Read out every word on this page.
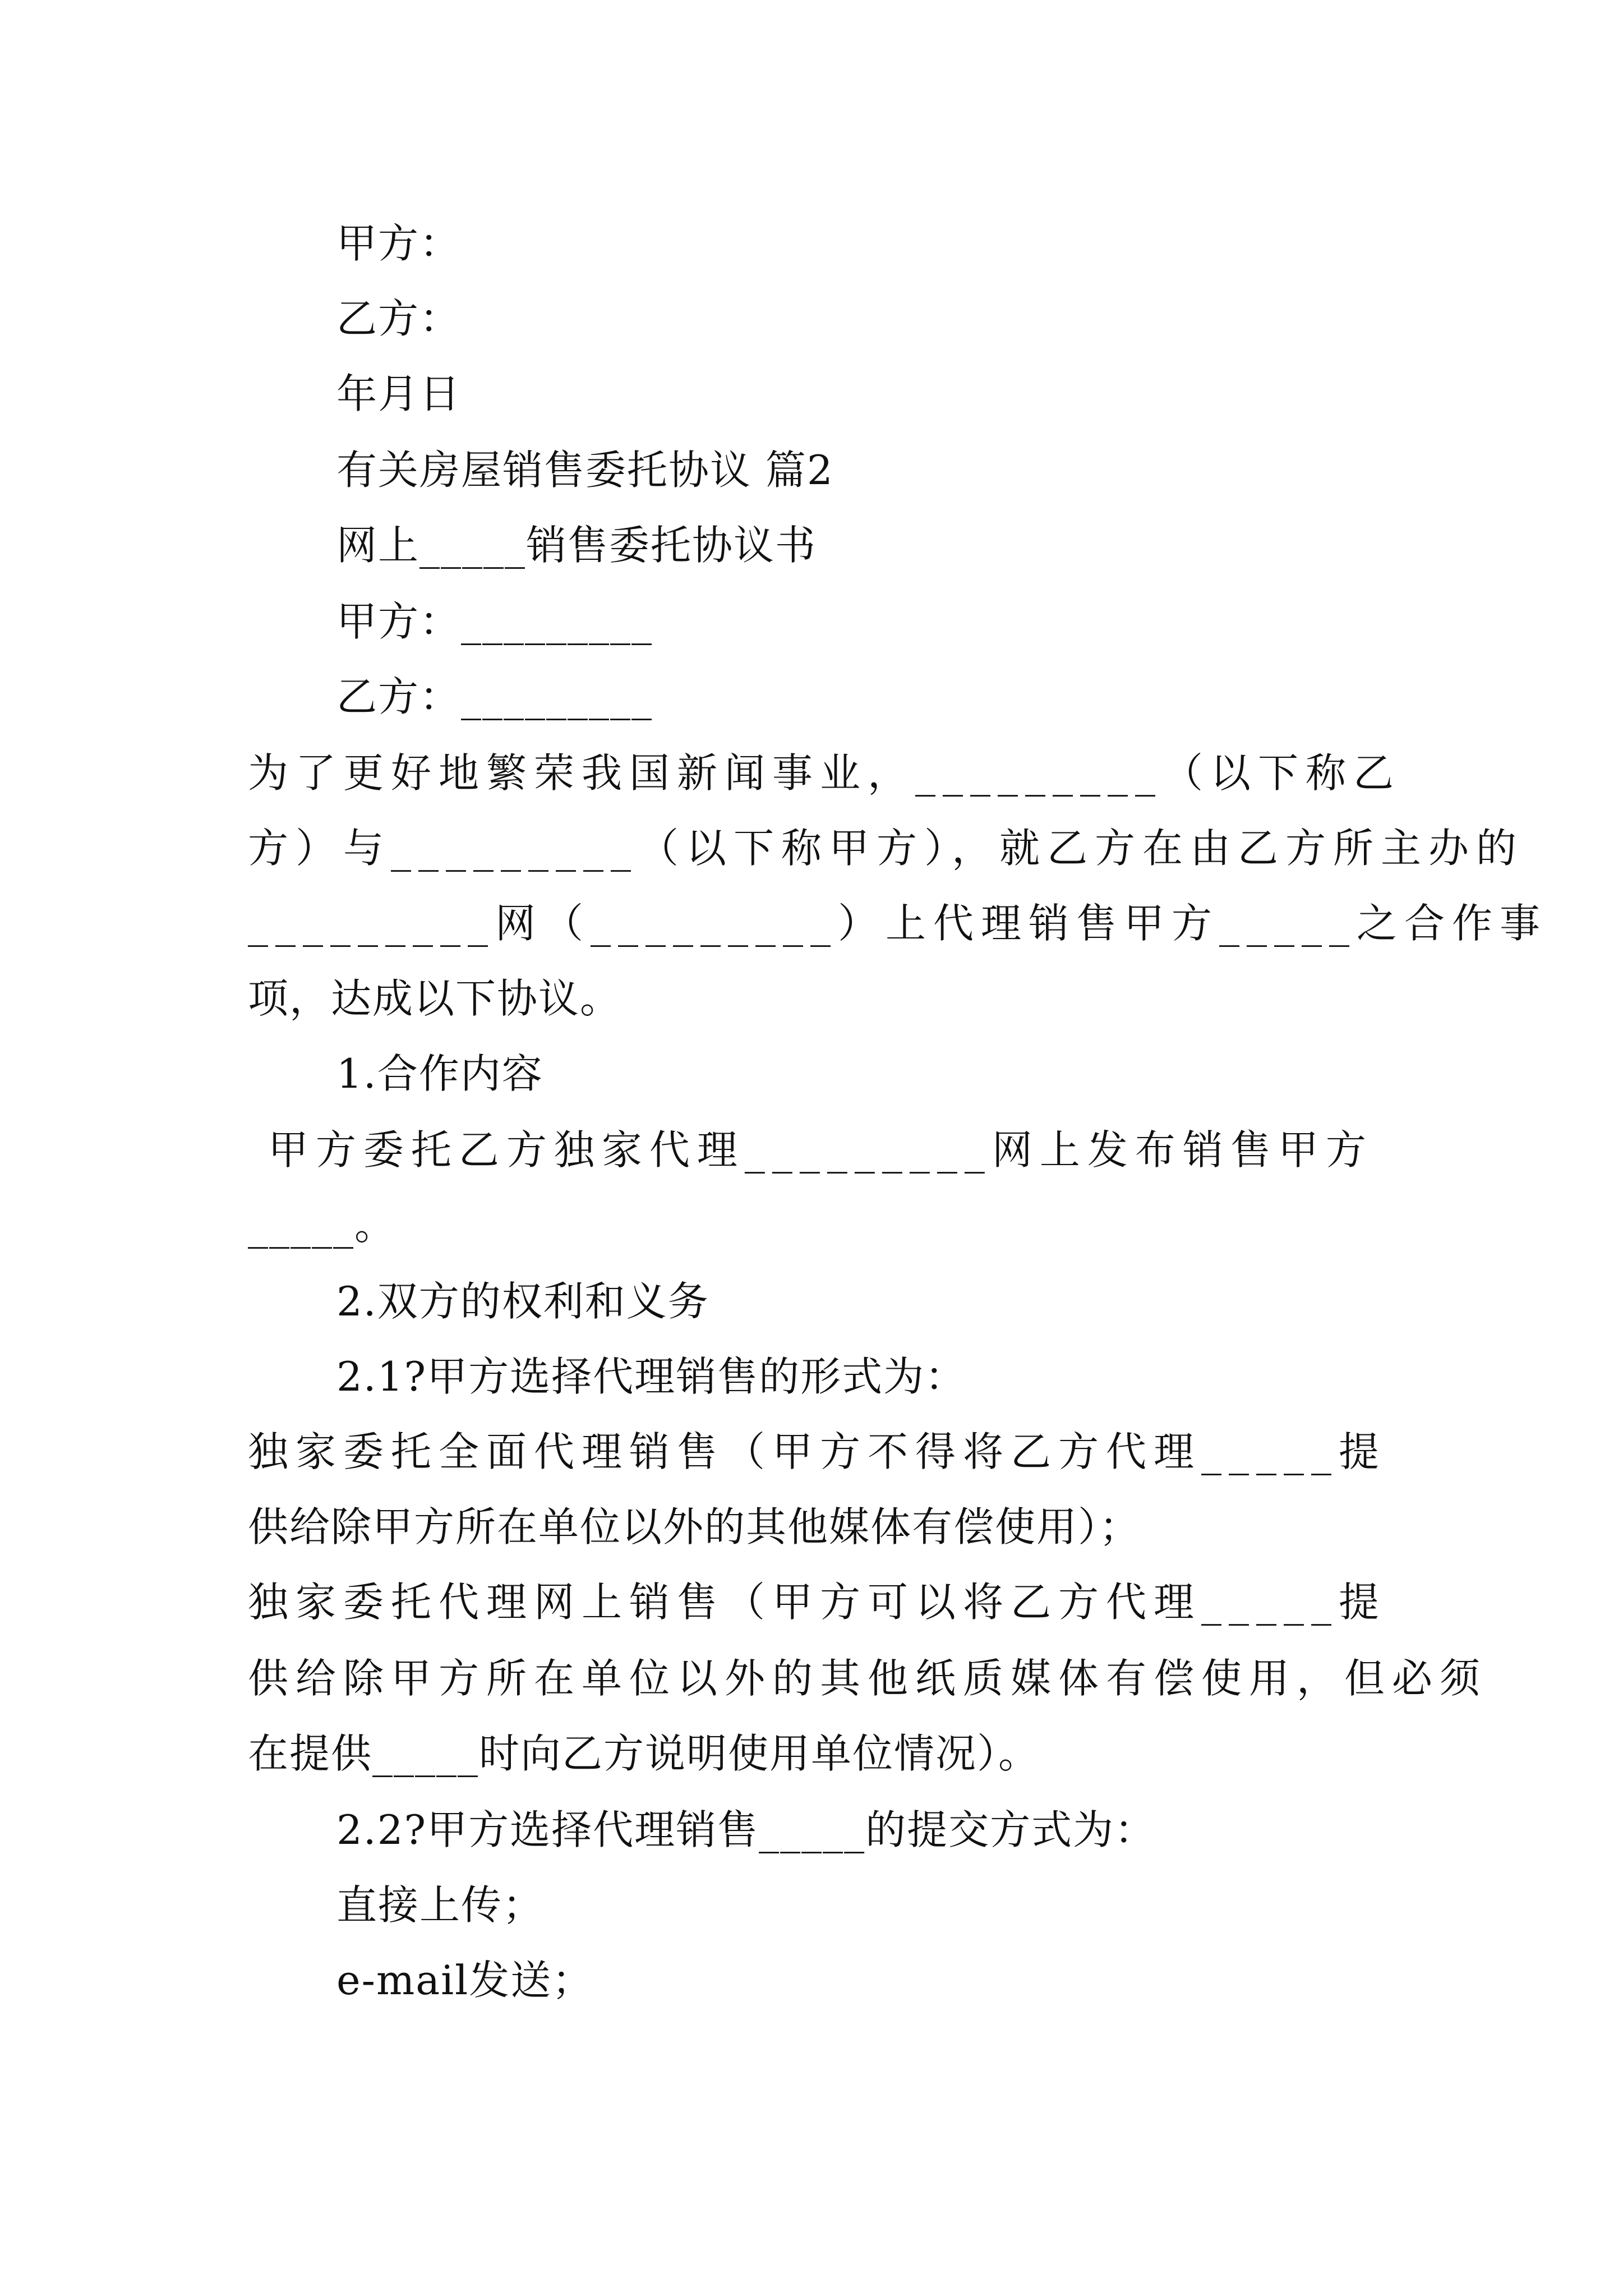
甲方：
乙方：
年月日
有关房屋销售委托协议 篇2
网上_____销售委托协议书
甲方：_________
乙方：_________
为了更好地繁荣我国新闻事业，_________（以下称乙
方）与_________（以下称甲方），就乙方在由乙方所主办的
_________网（_________）上代理销售甲方_____之合作事
项，达成以下协议。
1.合作内容
甲方委托乙方独家代理_________网上发布销售甲方
_____。
2.双方的权利和义务
2.1?甲方选择代理销售的形式为：
独家委托全面代理销售（甲方不得将乙方代理_____提
供给除甲方所在单位以外的其他媒体有偿使用）；
独家委托代理网上销售（甲方可以将乙方代理_____提
供给除甲方所在单位以外的其他纸质媒体有偿使用，但必须
在提供_____时向乙方说明使用单位情况）。
2.2?甲方选择代理销售_____的提交方式为：
直接上传；
e-mail发送；
